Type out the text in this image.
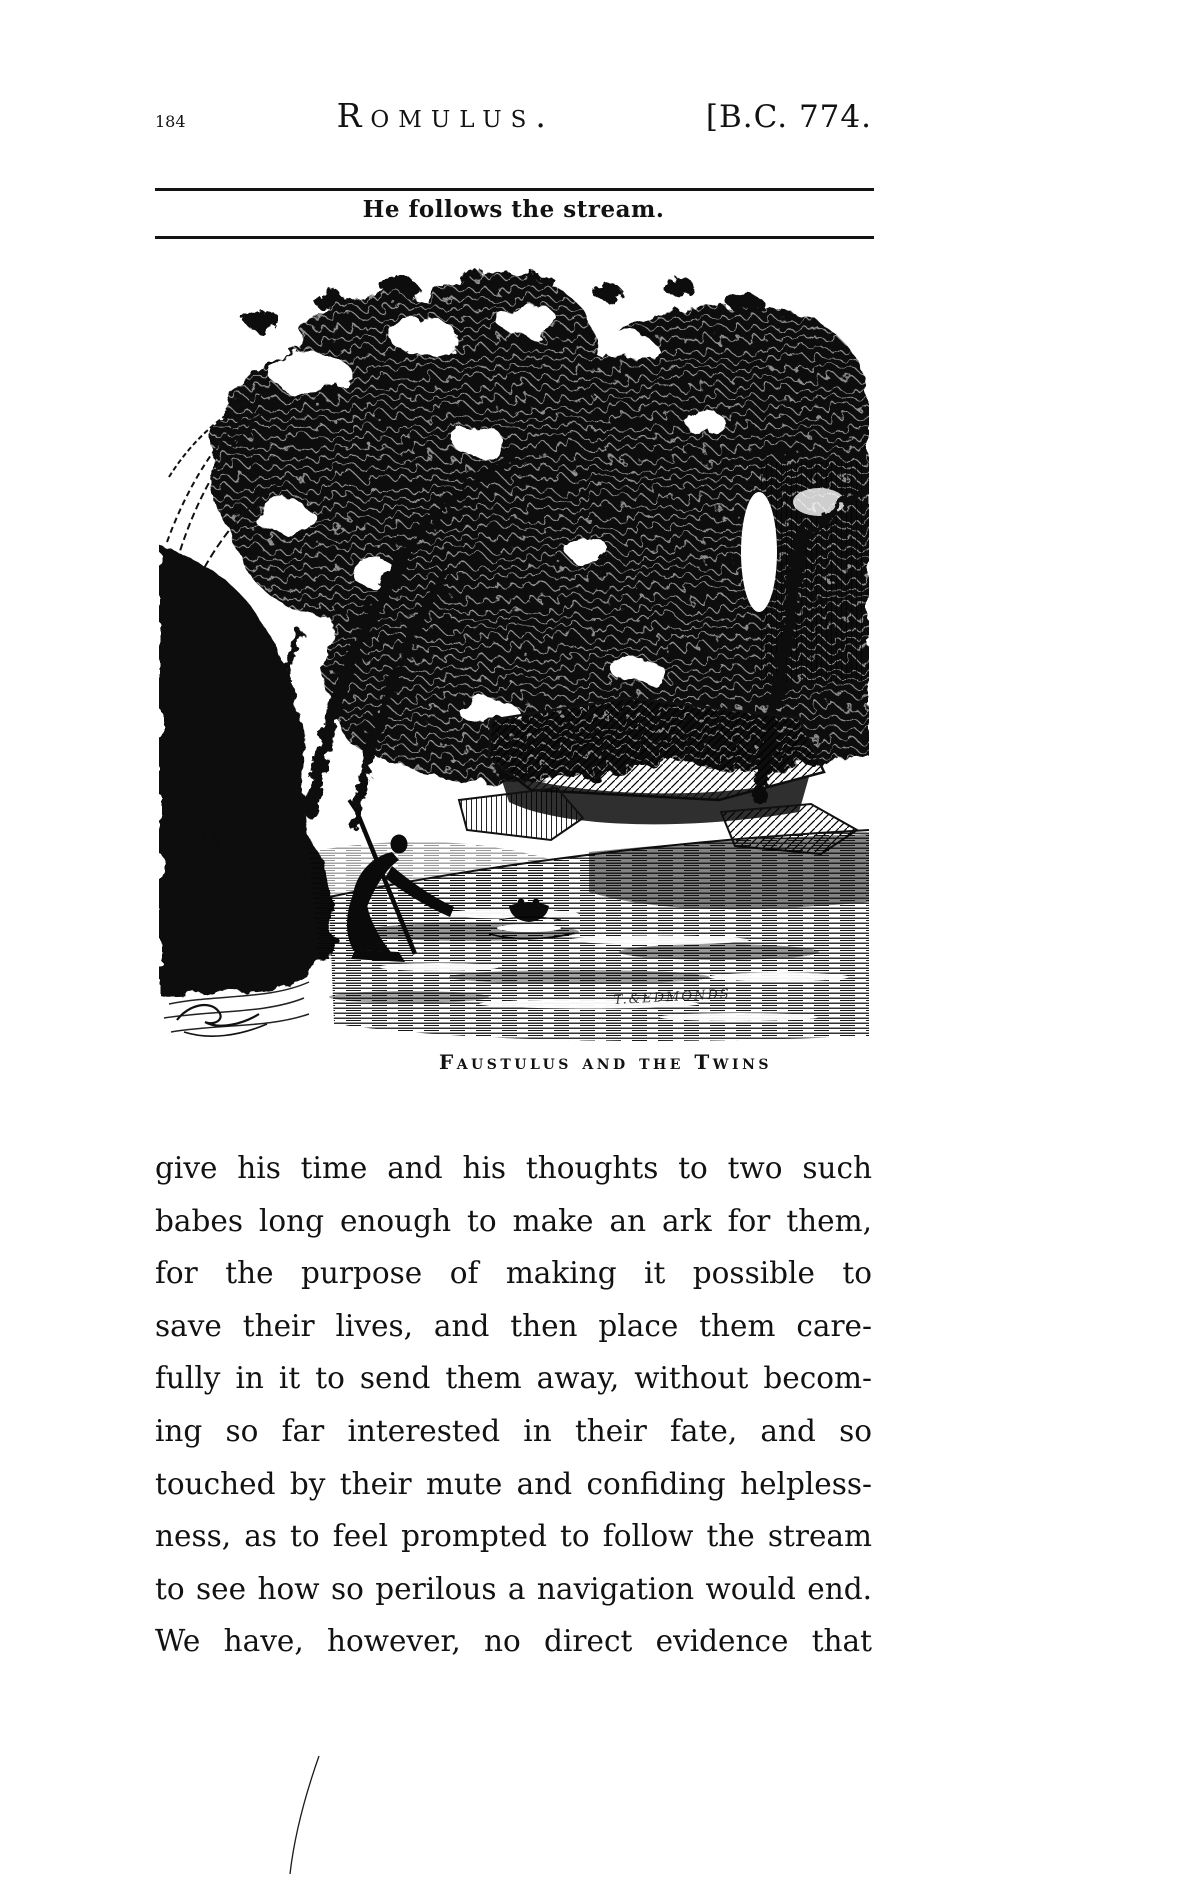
184	Romulus.	[B.C. 774.
He follows the stream.
T.&EDMONDS
Faustulus and the Twins
give his time and his thoughts to two such
babes long enough to make an ark for them,
for the purpose of making it possible to
save their lives, and then place them care-
fully in it to send them away, without becom-
ing so far interested in their fate, and so
touched by their mute and confiding helpless-
ness, as to feel prompted to follow the stream
to see how so perilous a navigation would end.
We have, however, no direct evidence that
